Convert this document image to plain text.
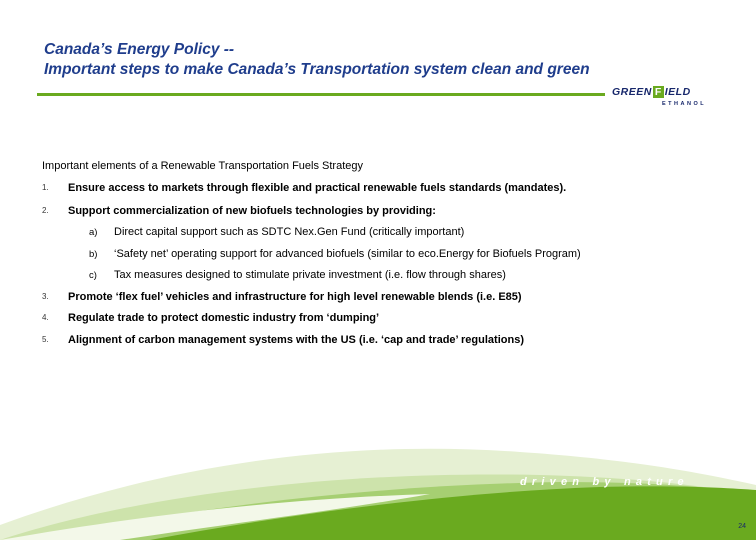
Canada’s Energy Policy --
Important steps to make Canada’s Transportation system clean and green
GREEN F IELD
ETHANOL
Important elements of a Renewable Transportation Fuels Strategy
1. Ensure access to markets through flexible and practical renewable fuels standards (mandates).
2. Support commercialization of new biofuels technologies by providing:
a) Direct capital support such as SDTC Nex.Gen Fund (critically important)
b) ‘Safety net’ operating support for advanced biofuels (similar to eco.Energy for Biofuels Program)
c) Tax measures designed to stimulate private investment (i.e. flow through shares)
3. Promote ‘flex fuel’ vehicles and infrastructure for high level renewable blends (i.e. E85)
4. Regulate trade to protect domestic industry from ‘dumping’
5. Alignment of carbon management systems with the US (i.e. ‘cap and trade’ regulations)
driven by nature
24
